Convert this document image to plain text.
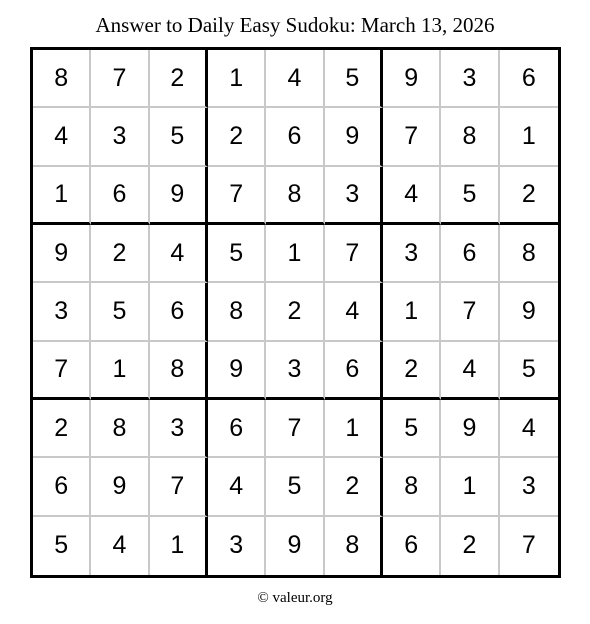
Answer to Daily Easy Sudoku: March 13, 2026
8	7	2	1	4	5	9	3	6
4	3	5	2	6	9	7	8	1
1	6	9	7	8	3	4	5	2
9	2	4	5	1	7	3	6	8
3	5	6	8	2	4	1	7	9
7	1	8	9	3	6	2	4	5
2	8	3	6	7	1	5	9	4
6	9	7	4	5	2	8	1	3
5	4	1	3	9	8	6	2	7
© valeur.org
